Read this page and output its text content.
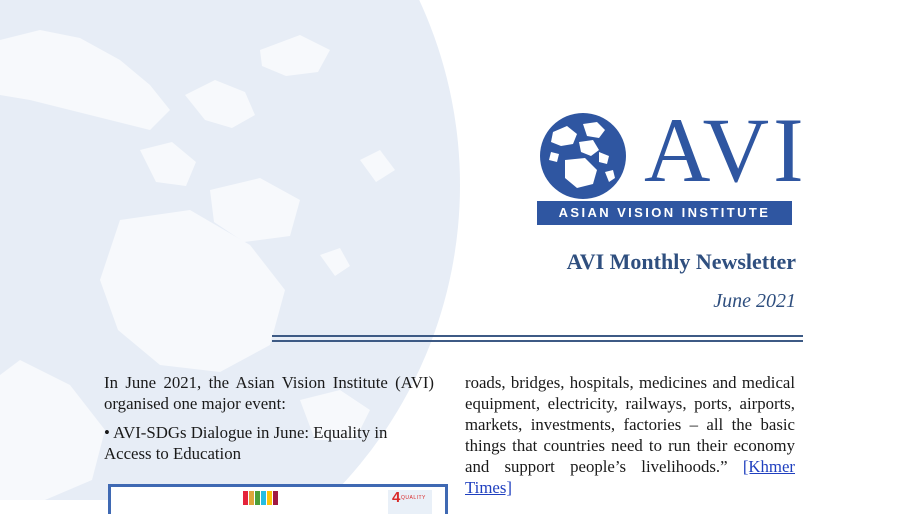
AVI
ASIAN VISION INSTITUTE
AVI Monthly Newsletter
June 2021

In June 2021, the Asian Vision Institute (AVI) organised one major event:

• AVI-SDGs Dialogue in June: Equality in Access to Education

roads, bridges, hospitals, medicines and medical equipment, electricity, railways, ports, airports, markets, investments, factories – all the basic things that countries need to run their economy and support people’s livelihoods.” [Khmer Times]
4 QUALITY
